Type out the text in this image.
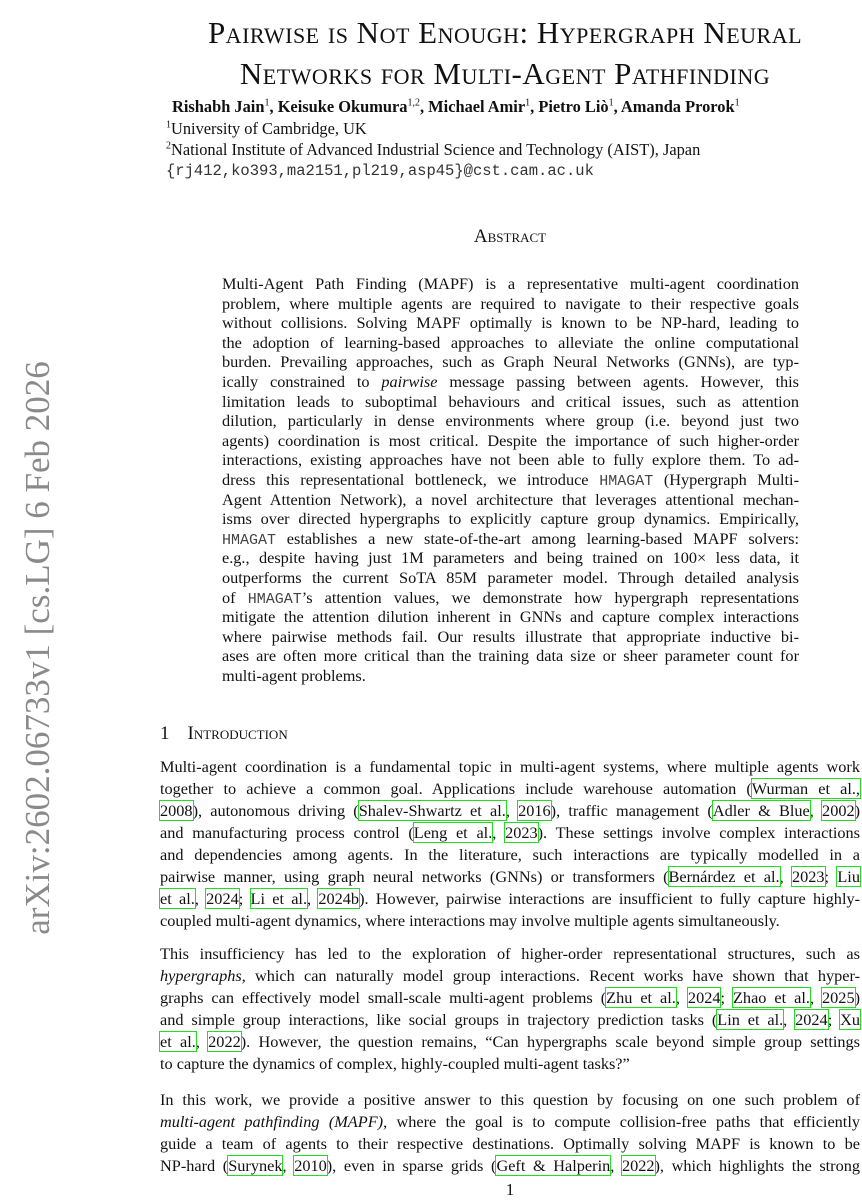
arXiv:2602.06733v1 [cs.LG] 6 Feb 2026
Pairwise is Not Enough: Hypergraph Neural
Networks for Multi-Agent Pathfinding
Rishabh Jain$^1$, Keisuke Okumura$^{1,2}$, Michael Amir$^1$, Pietro Liò$^1$, Amanda Prorok$^1$
$^1$University of Cambridge, UK
$^2$National Institute of Advanced Industrial Science and Technology (AIST), Japan
{rj412,ko393,ma2151,pl219,asp45}@cst.cam.ac.uk
Abstract
Multi-Agent Path Finding (MAPF) is a representative multi-agent coordination
problem, where multiple agents are required to navigate to their respective goals
without collisions. Solving MAPF optimally is known to be NP-hard, leading to
the adoption of learning-based approaches to alleviate the online computational
burden. Prevailing approaches, such as Graph Neural Networks (GNNs), are typ-
ically constrained to pairwise message passing between agents. However, this
limitation leads to suboptimal behaviours and critical issues, such as attention
dilution, particularly in dense environments where group (i.e. beyond just two
agents) coordination is most critical. Despite the importance of such higher-order
interactions, existing approaches have not been able to fully explore them. To ad-
dress this representational bottleneck, we introduce HMAGAT (Hypergraph Multi-
Agent Attention Network), a novel architecture that leverages attentional mechan-
isms over directed hypergraphs to explicitly capture group dynamics. Empirically,
HMAGAT establishes a new state-of-the-art among learning-based MAPF solvers:
e.g., despite having just 1M parameters and being trained on 100× less data, it
outperforms the current SoTA 85M parameter model. Through detailed analysis
of HMAGAT’s attention values, we demonstrate how hypergraph representations
mitigate the attention dilution inherent in GNNs and capture complex interactions
where pairwise methods fail. Our results illustrate that appropriate inductive bi-
ases are often more critical than the training data size or sheer parameter count for
multi-agent problems.
1 Introduction
Multi-agent coordination is a fundamental topic in multi-agent systems, where multiple agents work
together to achieve a common goal. Applications include warehouse automation (Wurman et al.,
2008), autonomous driving (Shalev-Shwartz et al., 2016), traffic management (Adler & Blue, 2002)
and manufacturing process control (Leng et al., 2023). These settings involve complex interactions
and dependencies among agents. In the literature, such interactions are typically modelled in a
pairwise manner, using graph neural networks (GNNs) or transformers (Bernárdez et al., 2023; Liu
et al., 2024; Li et al., 2024b). However, pairwise interactions are insufficient to fully capture highly-
coupled multi-agent dynamics, where interactions may involve multiple agents simultaneously.
This insufficiency has led to the exploration of higher-order representational structures, such as
hypergraphs, which can naturally model group interactions. Recent works have shown that hyper-
graphs can effectively model small-scale multi-agent problems (Zhu et al., 2024; Zhao et al., 2025)
and simple group interactions, like social groups in trajectory prediction tasks (Lin et al., 2024; Xu
et al., 2022). However, the question remains, “Can hypergraphs scale beyond simple group settings
to capture the dynamics of complex, highly-coupled multi-agent tasks?”
In this work, we provide a positive answer to this question by focusing on one such problem of
multi-agent pathfinding (MAPF), where the goal is to compute collision-free paths that efficiently
guide a team of agents to their respective destinations. Optimally solving MAPF is known to be
NP-hard (Surynek, 2010), even in sparse grids (Geft & Halperin, 2022), which highlights the strong
1
